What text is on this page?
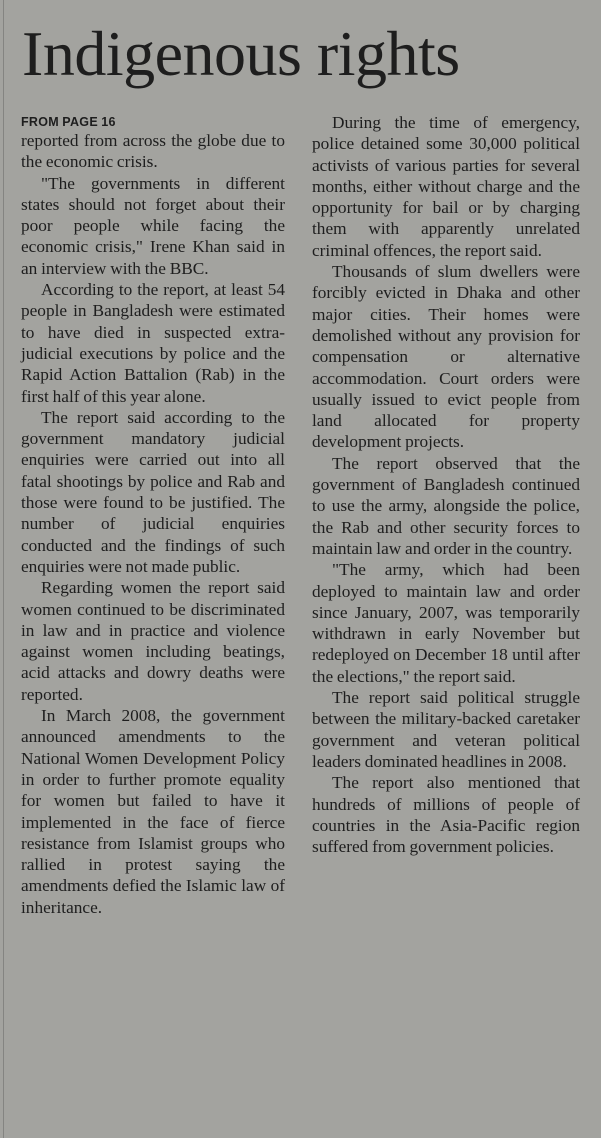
Indigenous rights
FROM PAGE 16
reported from across the globe due to the economic crisis.
"The governments in different states should not forget about their poor people while facing the economic crisis," Irene Khan said in an interview with the BBC.
According to the report, at least 54 people in Bangladesh were estimated to have died in suspected extra-judicial executions by police and the Rapid Action Battalion (Rab) in the first half of this year alone.
The report said according to the government mandatory judicial enquiries were carried out into all fatal shootings by police and Rab and those were found to be justified. The number of judicial enquiries conducted and the findings of such enquiries were not made public.
Regarding women the report said women continued to be discriminated in law and in practice and violence against women including beatings, acid attacks and dowry deaths were reported.
In March 2008, the government announced amendments to the National Women Development Policy in order to further promote equality for women but failed to have it implemented in the face of fierce resistance from Islamist groups who rallied in protest saying the amendments defied the Islamic law of inheritance.
During the time of emergency, police detained some 30,000 political activists of various parties for several months, either without charge and the opportunity for bail or by charging them with apparently unrelated criminal offences, the report said.
Thousands of slum dwellers were forcibly evicted in Dhaka and other major cities. Their homes were demolished without any provision for compensation or alternative accommodation. Court orders were usually issued to evict people from land allocated for property development projects.
The report observed that the government of Bangladesh continued to use the army, alongside the police, the Rab and other security forces to maintain law and order in the country.
"The army, which had been deployed to maintain law and order since January, 2007, was temporarily withdrawn in early November but redeployed on December 18 until after the elections," the report said.
The report said political struggle between the military-backed caretaker government and veteran political leaders dominated headlines in 2008.
The report also mentioned that hundreds of millions of people of countries in the Asia-Pacific region suffered from government policies.
